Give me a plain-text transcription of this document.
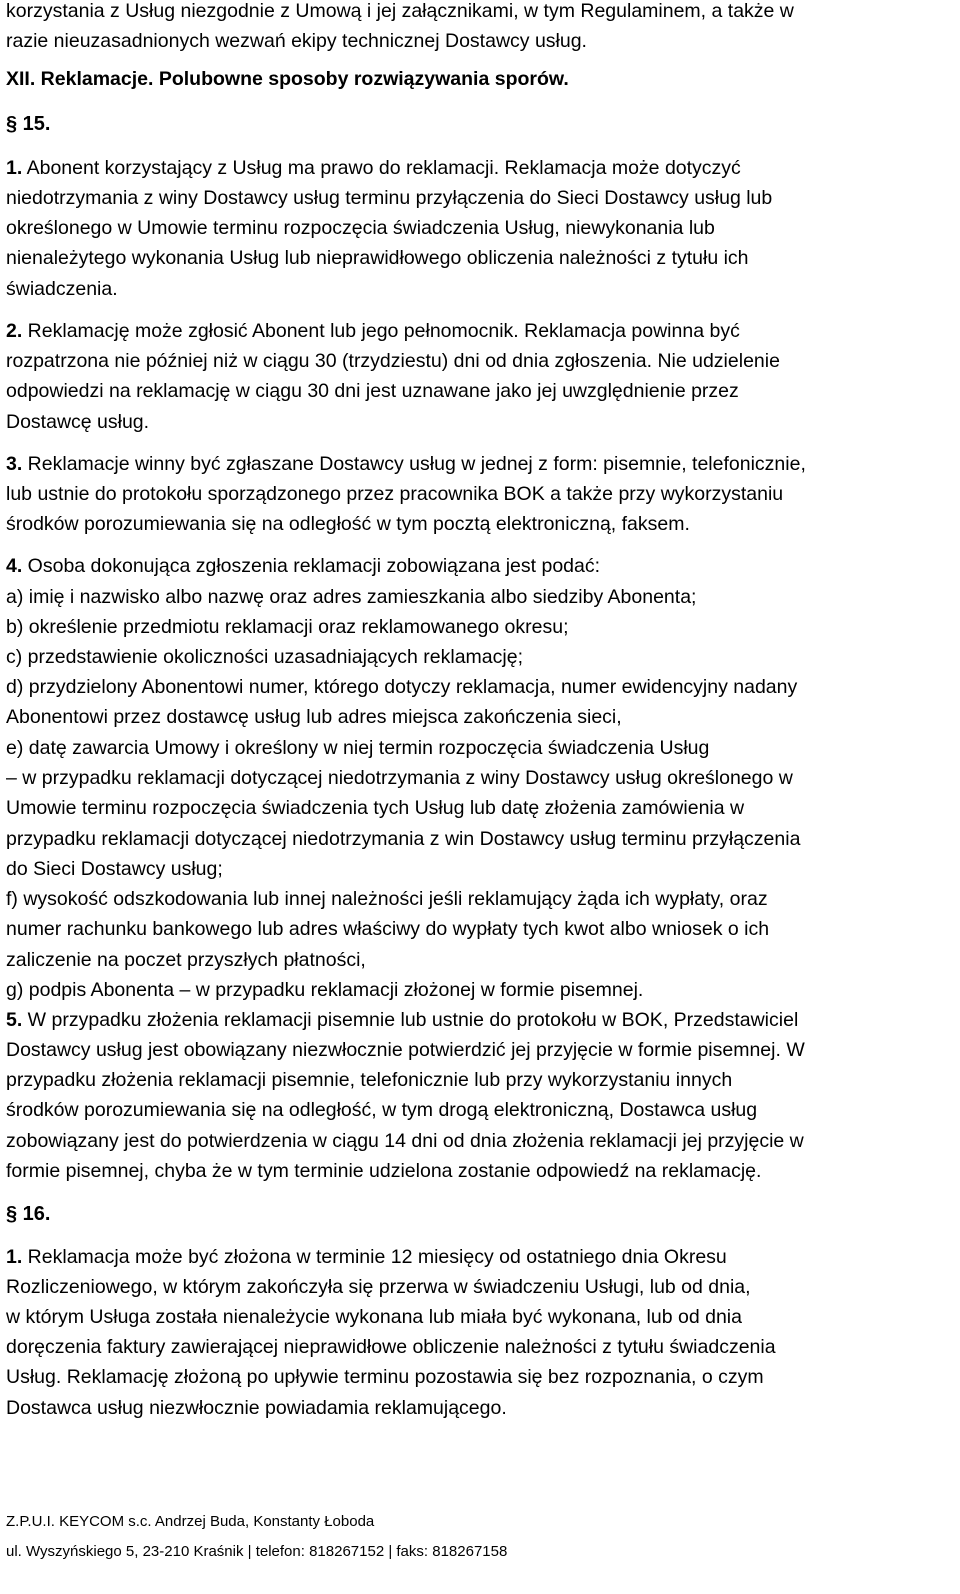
korzystania z Usług niezgodnie z Umową i jej załącznikami, w tym Regulaminem, a także w
razie nieuzasadnionych wezwań ekipy technicznej Dostawcy usług.
XII. Reklamacje. Polubowne sposoby rozwiązywania sporów.
§ 15.
1. Abonent korzystający z Usług ma prawo do reklamacji. Reklamacja może dotyczyć
niedotrzymania z winy Dostawcy usług terminu przyłączenia do Sieci Dostawcy usług lub
określonego w Umowie terminu rozpoczęcia świadczenia Usług, niewykonania lub
nienależytego wykonania Usług lub nieprawidłowego obliczenia należności z tytułu ich
świadczenia.
2. Reklamację może zgłosić Abonent lub jego pełnomocnik. Reklamacja powinna być
rozpatrzona nie później niż w ciągu 30 (trzydziestu) dni od dnia zgłoszenia. Nie udzielenie
odpowiedzi na reklamację w ciągu 30 dni jest uznawane jako jej uwzględnienie przez
Dostawcę usług.
3. Reklamacje winny być zgłaszane Dostawcy usług w jednej z form: pisemnie, telefonicznie,
lub ustnie do protokołu sporządzonego przez pracownika BOK a także przy wykorzystaniu
środków porozumiewania się na odległość w tym pocztą elektroniczną, faksem.
4. Osoba dokonująca zgłoszenia reklamacji zobowiązana jest podać:
a) imię i nazwisko albo nazwę oraz adres zamieszkania albo siedziby Abonenta;
b) określenie przedmiotu reklamacji oraz reklamowanego okresu;
c) przedstawienie okoliczności uzasadniających reklamację;
d) przydzielony Abonentowi numer, którego dotyczy reklamacja, numer ewidencyjny nadany
Abonentowi przez dostawcę usług lub adres miejsca zakończenia sieci,
e) datę zawarcia Umowy i określony w niej termin rozpoczęcia świadczenia Usług
– w przypadku reklamacji dotyczącej niedotrzymania z winy Dostawcy usług określonego w
Umowie terminu rozpoczęcia świadczenia tych Usług lub datę złożenia zamówienia w
przypadku reklamacji dotyczącej niedotrzymania z win Dostawcy usług terminu przyłączenia
do Sieci Dostawcy usług;
f) wysokość odszkodowania lub innej należności jeśli reklamujący żąda ich wypłaty, oraz
numer rachunku bankowego lub adres właściwy do wypłaty tych kwot albo wniosek o ich
zaliczenie na poczet przyszłych płatności,
g) podpis Abonenta – w przypadku reklamacji złożonej w formie pisemnej.
5. W przypadku złożenia reklamacji pisemnie lub ustnie do protokołu w BOK, Przedstawiciel
Dostawcy usług jest obowiązany niezwłocznie potwierdzić jej przyjęcie w formie pisemnej. W
przypadku złożenia reklamacji pisemnie, telefonicznie lub przy wykorzystaniu innych
środków porozumiewania się na odległość, w tym drogą elektroniczną, Dostawca usług
zobowiązany jest do potwierdzenia w ciągu 14 dni od dnia złożenia reklamacji jej przyjęcie w
formie pisemnej, chyba że w tym terminie udzielona zostanie odpowiedź na reklamację.
§ 16.
1. Reklamacja może być złożona w terminie 12 miesięcy od ostatniego dnia Okresu
Rozliczeniowego, w którym zakończyła się przerwa w świadczeniu Usługi, lub od dnia,
w którym Usługa została nienależycie wykonana lub miała być wykonana, lub od dnia
doręczenia faktury zawierającej nieprawidłowe obliczenie należności z tytułu świadczenia
Usług. Reklamację złożoną po upływie terminu pozostawia się bez rozpoznania, o czym
Dostawca usług niezwłocznie powiadamia reklamującego.
Z.P.U.I. KEYCOM s.c. Andrzej Buda, Konstanty Łoboda
ul. Wyszyńskiego 5, 23-210 Kraśnik | telefon: 818267152 | faks: 818267158
